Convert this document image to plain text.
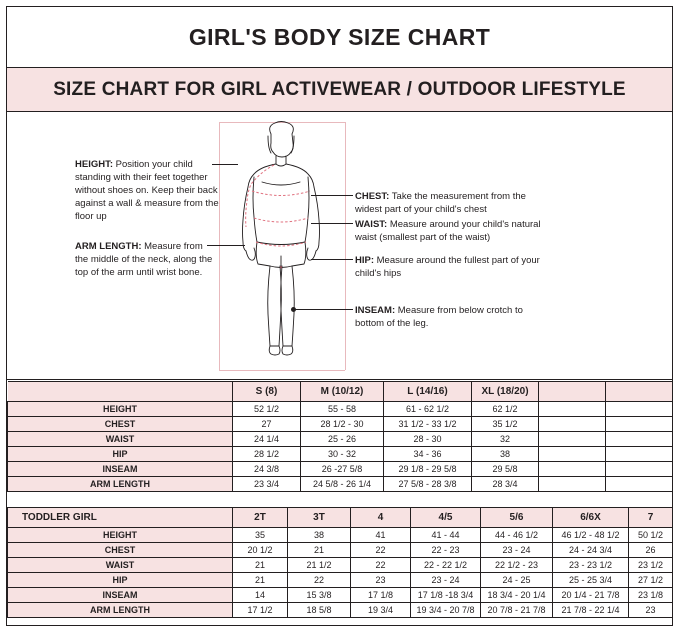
GIRL'S BODY SIZE CHART
SIZE CHART FOR GIRL ACTIVEWEAR / OUTDOOR LIFESTYLE
HEIGHT: Position your child standing with their feet together without shoes on. Keep their back against a wall & measure from the floor up
ARM LENGTH: Measure from the middle of the neck, along the top of the arm until wrist bone.
CHEST: Take the measurement from the widest part of your child's chest
WAIST: Measure around your child's natural waist (smallest part of the waist)
HIP: Measure around the fullest part of your child's hips
INSEAM: Measure from below crotch to bottom of the leg.
	S (8)	M (10/12)	L (14/16)	XL (18/20)		
HEIGHT	52 1/2	55 - 58	61 - 62 1/2	62 1/2		
CHEST	27	28 1/2 - 30	31 1/2 - 33 1/2	35 1/2		
WAIST	24 1/4	25 - 26	28 - 30	32		
HIP	28 1/2	30 - 32	34 - 36	38		
INSEAM	24 3/8	26 -27 5/8	29 1/8 - 29 5/8	29 5/8		
ARM LENGTH	23 3/4	24 5/8 - 26 1/4	27 5/8 - 28 3/8	28 3/4		
TODDLER GIRL	2T	3T	4	4/5	5/6	6/6X	7
HEIGHT	35	38	41	41 - 44	44 - 46 1/2	46 1/2 - 48 1/2	50 1/2
CHEST	20 1/2	21	22	22 - 23	23 - 24	24 - 24 3/4	26
WAIST	21	21 1/2	22	22 - 22 1/2	22 1/2 - 23	23 - 23 1/2	23 1/2
HIP	21	22	23	23 - 24	24 - 25	25 - 25 3/4	27 1/2
INSEAM	14	15 3/8	17 1/8	17 1/8 -18 3/4	18 3/4 - 20 1/4	20 1/4 - 21 7/8	23 1/8
ARM LENGTH	17 1/2	18 5/8	19 3/4	19 3/4 - 20 7/8	20 7/8 - 21 7/8	21 7/8 - 22 1/4	23
